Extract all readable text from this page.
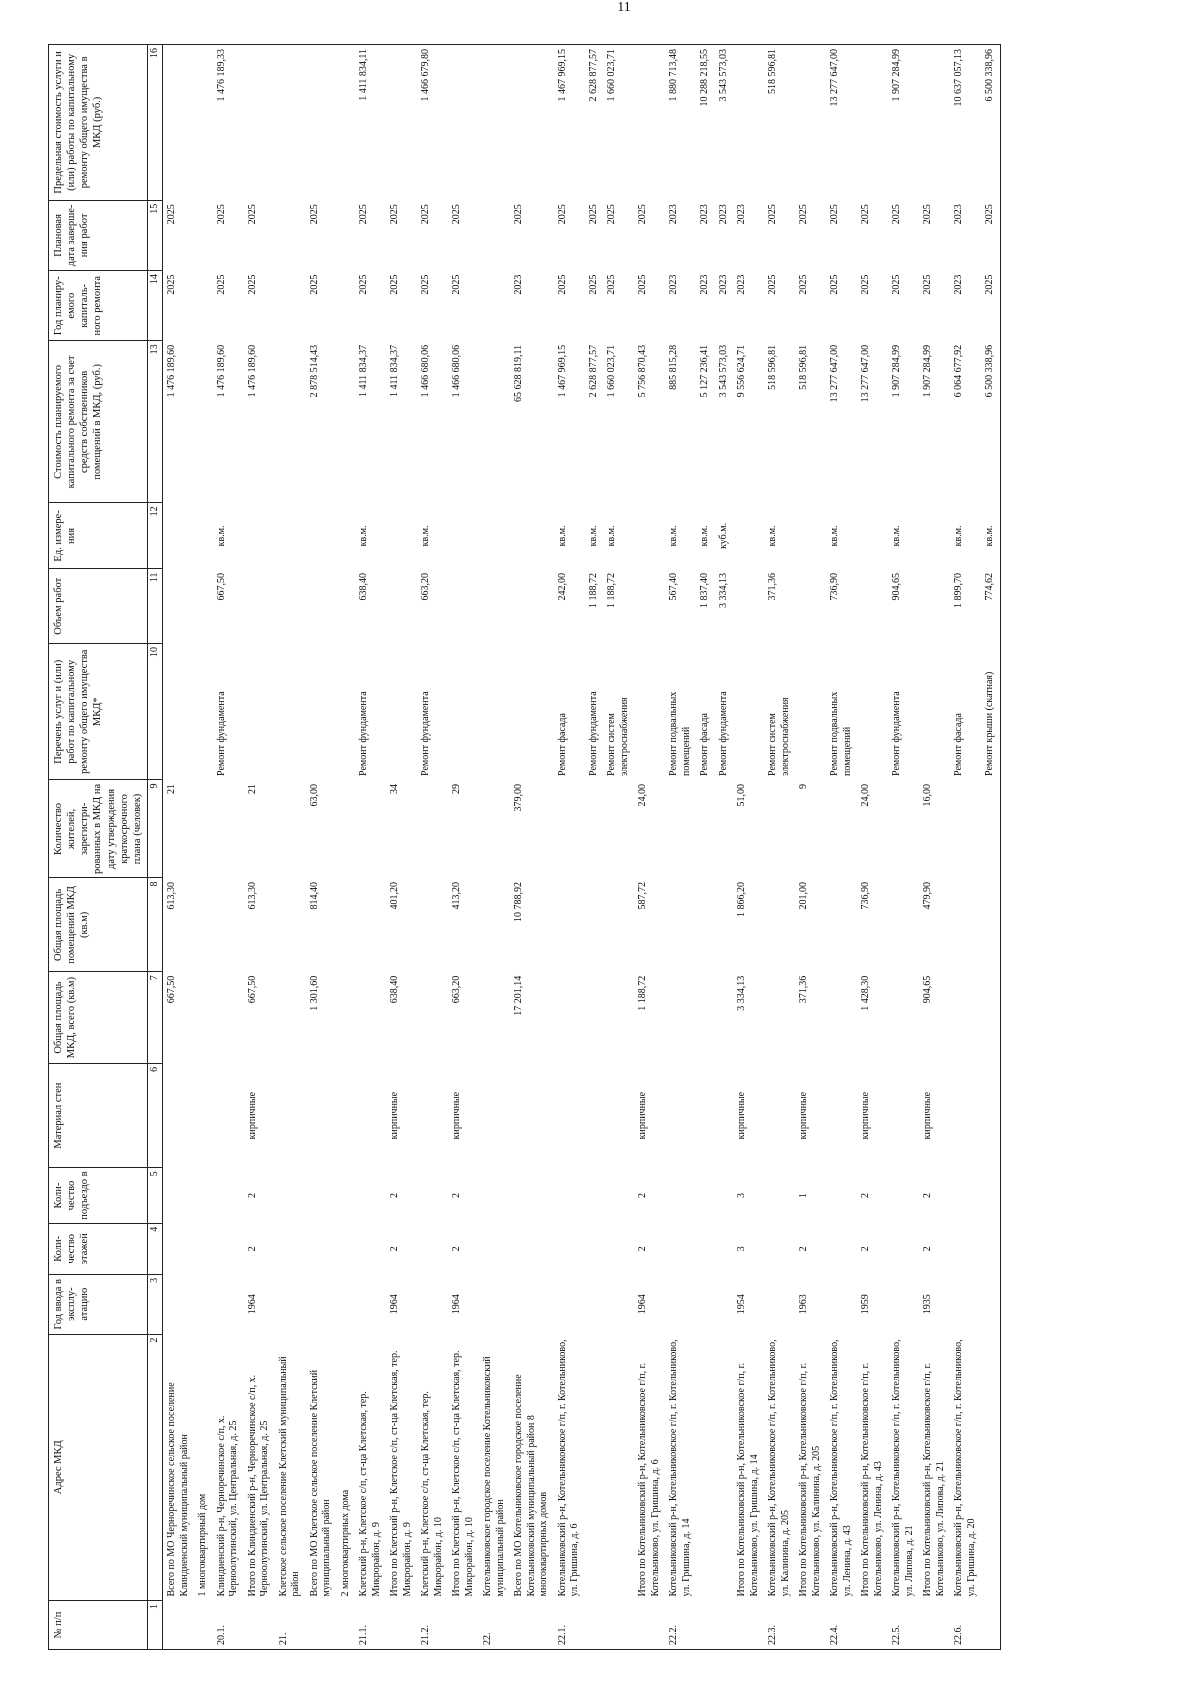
11
№ п/п	Адрес МКД	Год ввода в эксплу-атацию	Коли-чество этажей	Коли-чество подъездо в	Материал стен	Общая площадь МКД, всего (кв.м)	Общая площадь помещений МКД (кв.м)	Количество жителей, зарегистри-рованных в МКД на дату утверждения краткосрочного плана (человек)	Перечень услуг и (или) работ по капитальному ремонту общего имущества МКД*	Объем работ	Ед. измере-ния	Стоимость планируемого капитального ремонта за счет средств собственников помещений в МКД, (руб.)	Год планиру-емого капиталь-ного ремонта	Плановая дата заверше-ния работ	Предельная стоимость услуги и (или) работы по капитальному ремонту общего имущества в МКД (руб.)
1	2	3	4	5	6	7	8	9	10	11	12	13	14	15	16
	Всего по МО Черноречинское сельское поселение Клиндиенский муниципальный район					667,50	613,30	21				1 476 189,60	2025	2025	
	1 многоквартирный дом														
20.1.	Клиндиенский р-н, Черноречинское с/п, х. Черноолутинский, ул. Центральная, д. 25								Ремонт фундамента	667,50	кв.м.	1 476 189,60	2025	2025	1 476 189,33
	Итого по Клиндиенский р-н, Черноречинское с/п, х. Черноолутинский, ул. Центральная, д. 25	1964	2	2	кирпичные	667,50	613,30	21				1 476 189,60	2025	2025	
21.	Клетское сельское поселение Клетский муниципальный район														
	Всего по МО Клетское сельское поселение Клетский муниципальный район					1 301,60	814,40	63,00				2 878 514,43	2025	2025	
	2 многоквартирных дома														
21.1.	Клетский р-н, Клетское с/п, ст-ца Клетская, тер. Микрорайон, д. 9								Ремонт фундамента	638,40	кв.м.	1 411 834,37	2025	2025	1 411 834,11
	Итого по Клетский р-н, Клетское с/п, ст-ца Клетская, тер. Микрорайон, д. 9	1964	2	2	кирпичные	638,40	401,20	34				1 411 834,37	2025	2025	
21.2.	Клетский р-н, Клетское с/п, ст-ца Клетская, тер. Микрорайон, д. 10								Ремонт фундамента	663,20	кв.м.	1 466 680,06	2025	2025	1 466 679,80
	Итого по Клетский р-н, Клетское с/п, ст-ца Клетская, тер. Микрорайон, д. 10	1964	2	2	кирпичные	663,20	413,20	29				1 466 680,06	2025	2025	
22.	Котельниковское городское поселение Котельниковский муниципальный район														
	Всего по МО Котельниковское городское поселение Котельниковский муниципальный район 8 многоквартирных домов					17 201,14	10 788,92	379,00				65 628 819,11	2023	2025	
22.1.	Котельниковский р-н, Котельниковское г/п, г. Котельниково, ул. Гришина, д. 6								Ремонт фасада	242,00	кв.м.	1 467 969,15	2025	2025	1 467 969,15
									Ремонт фундамента	1 188,72	кв.м.	2 628 877,57	2025	2025	2 628 877,57
									Ремонт систем электроснабжения	1 188,72	кв.м.	1 660 023,71	2025	2025	1 660 023,71
	Итого по Котельниковский р-н, Котельниковское г/п, г. Котельниково, ул. Гришина, д. 6	1964	2	2	кирпичные	1 188,72	587,72	24,00				5 756 870,43	2025	2025	
22.2.	Котельниковский р-н, Котельниковское г/п, г. Котельниково, ул. Гришина, д. 14								Ремонт подвальных помещений	567,40	кв.м.	885 815,28	2023	2023	1 880 713,48
									Ремонт фасада	1 837,40	кв.м.	5 127 236,41	2023	2023	10 288 218,55
									Ремонт фундамента	3 334,13	куб.м.	3 543 573,03	2023	2023	3 543 573,03
	Итого по Котельниковский р-н, Котельниковское г/п, г. Котельниково, ул. Гришина, д. 14	1954	3	3	кирпичные	3 334,13	1 866,20	51,00				9 556 624,71	2023	2023	
22.3.	Котельниковский р-н, Котельниковское г/п, г. Котельниково, ул. Калинина, д. 205								Ремонт систем электроснабжения	371,36	кв.м.	518 596,81	2025	2025	518 596,81
	Итого по Котельниковский р-н, Котельниковское г/п, г. Котельниково, ул. Калинина, д. 205	1963	2	1	кирпичные	371,36	201,00	9				518 596,81	2025	2025	
22.4.	Котельниковский р-н, Котельниковское г/п, г. Котельниково, ул. Ленина, д. 43								Ремонт подвальных помещений	736,90	кв.м.	13 277 647,00	2025	2025	13 277 647,00
	Итого по Котельниковский р-н, Котельниковское г/п, г. Котельниково, ул. Ленина, д. 43	1959	2	2	кирпичные	1 428,30	736,90	24,00				13 277 647,00	2025	2025	
22.5.	Котельниковский р-н, Котельниковское г/п, г. Котельниково, ул. Липова, д. 21								Ремонт фундамента	904,65	кв.м.	1 907 284,99	2025	2025	1 907 284,99
	Итого по Котельниковский р-н, Котельниковское г/п, г. Котельниково, ул. Липова, д. 21	1935	2	2	кирпичные	904,65	479,90	16,00				1 907 284,99	2025	2025	
22.6.	Котельниковский р-н, Котельниковское г/п, г. Котельниково, ул. Гришина, д. 20								Ремонт фасада	1 899,70	кв.м.	6 064 677,92	2023	2023	10 637 057,13
									Ремонт крыши (скатная)	774,62	кв.м.	6 500 338,96	2025	2025	6 500 338,96
